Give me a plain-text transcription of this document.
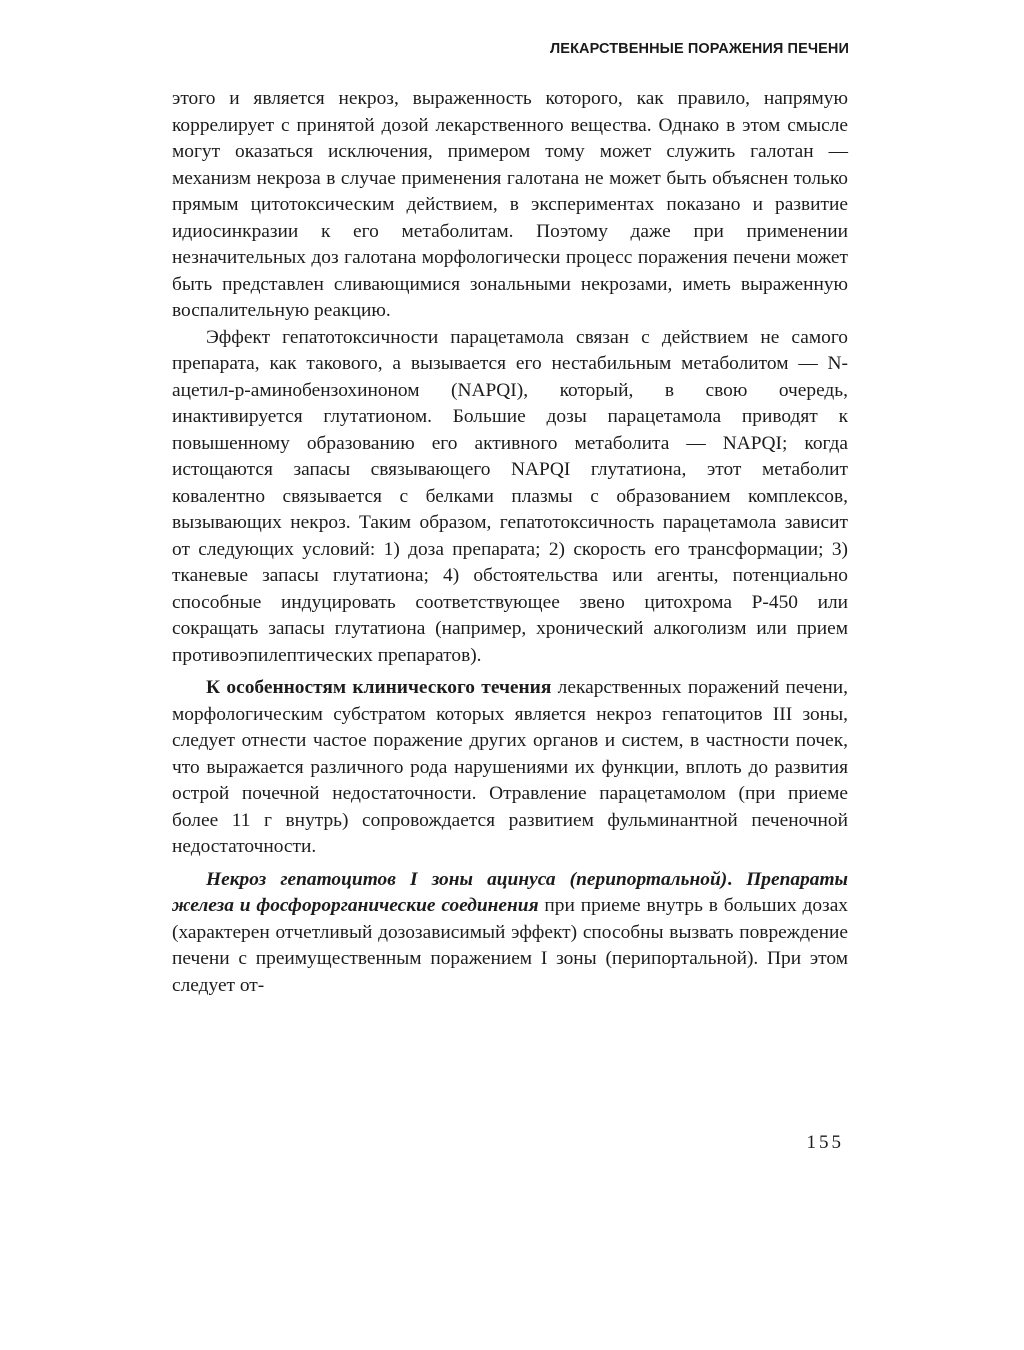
ЛЕКАРСТВЕННЫЕ ПОРАЖЕНИЯ ПЕЧЕНИ

этого и является некроз, выраженность которого, как правило, напрямую коррелирует с принятой дозой лекарственного вещества. Однако в этом смысле могут оказаться исключения, примером тому может служить галотан — механизм некроза в случае применения галотана не может быть объяснен только прямым цитотоксическим действием, в экспериментах показано и развитие идиосинкразии к его метаболитам. Поэтому даже при применении незначительных доз галотана морфологически процесс поражения печени может быть представлен сливающимися зональными некрозами, иметь выраженную воспалительную реакцию.

Эффект гепатотоксичности парацетамола связан с действием не самого препарата, как такового, а вызывается его нестабильным метаболитом — N-ацетил-р-аминобензохиноном (NAPQI), который, в свою очередь, инактивируется глутатионом. Большие дозы парацетамола приводят к повышенному образованию его активного метаболита — NAPQI; когда истощаются запасы связывающего NAPQI глутатиона, этот метаболит ковалентно связывается с белками плазмы с образованием комплексов, вызывающих некроз. Таким образом, гепатотоксичность парацетамола зависит от следующих условий: 1) доза препарата; 2) скорость его трансформации; 3) тканевые запасы глутатиона; 4) обстоятельства или агенты, потенциально способные индуцировать соответствующее звено цитохрома Р-450 или сокращать запасы глутатиона (например, хронический алкоголизм или прием противоэпилептических препаратов).

К особенностям клинического течения лекарственных поражений печени, морфологическим субстратом которых является некроз гепатоцитов III зоны, следует отнести частое поражение других органов и систем, в частности почек, что выражается различного рода нарушениями их функции, вплоть до развития острой почечной недостаточности. Отравление парацетамолом (при приеме более 11 г внутрь) сопровождается развитием фульминантной печеночной недостаточности.

Некроз гепатоцитов I зоны ацинуса (перипортальной). Препараты железа и фосфорорганические соединения при приеме внутрь в больших дозах (характерен отчетливый дозозависимый эффект) способны вызвать повреждение печени с преимущественным поражением I зоны (перипортальной). При этом следует от-

155
